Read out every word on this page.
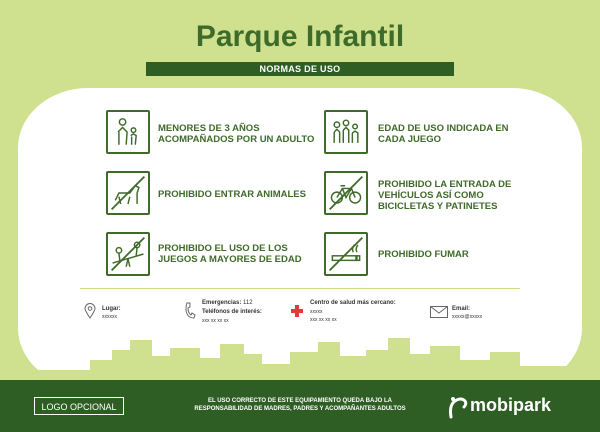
Parque Infantil
NORMAS DE USO
MENORES DE 3 AÑOS ACOMPAÑADOS POR UN ADULTO
EDAD DE USO INDICADA EN CADA JUEGO
PROHIBIDO ENTRAR ANIMALES
PROHIBIDO LA ENTRADA DE VEHÍCULOS ASÍ COMO BICICLETAS Y PATINETES
PROHIBIDO EL USO DE LOS JUEGOS A MAYORES DE EDAD	PROHIBIDO FUMAR
Lugar:
xxxxxx
Emergencias: 112
Teléfonos de interés:
xxx xx xx xx
Centro de salud más cercano:
xxxxx
xxx xx xx xx
Email:
xxxxx@xxxxx
LOGO OPCIONAL
EL USO CORRECTO DE ESTE EQUIPAMIENTO QUEDA BAJO LA
RESPONSABILIDAD DE MADRES, PADRES Y ACOMPAÑANTES ADULTOS	mobipark
